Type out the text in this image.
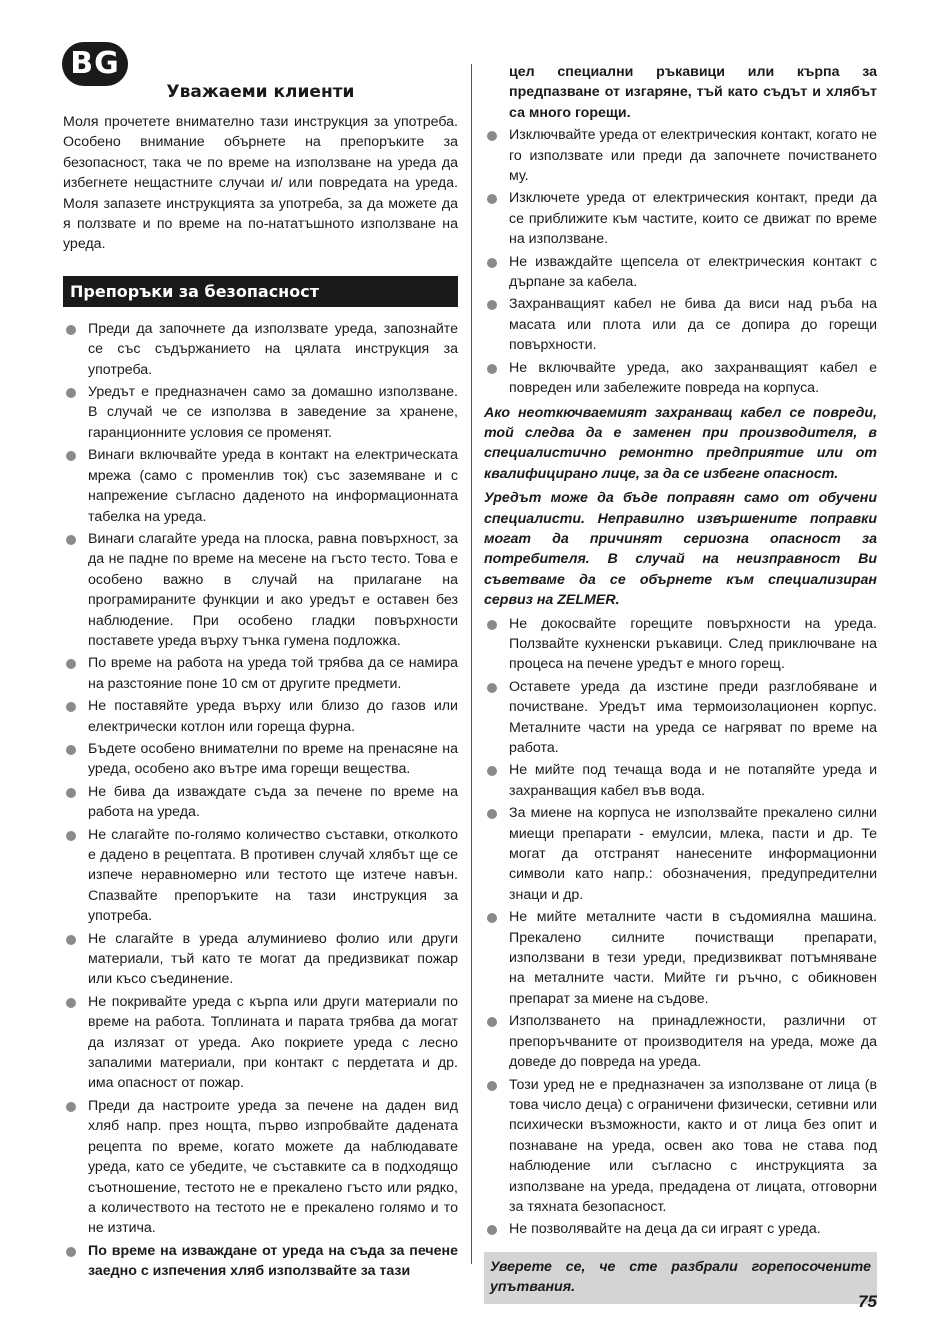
BG
Уважаеми клиенти

Моля прочетете внимателно тази инструкция за употреба. Особено внимание обърнете на препоръките за безопасност, така че по време на използване на уреда да избегнете нещастните случаи и/ или повредата на уреда. Моля запазете инструкцията за употреба, за да можете да я ползвате и по време на по-нататъшното използване на уреда.

Препоръки за безопасност
Преди да започнете да използвате уреда, запознайте се със съдържанието на цялата инструкция за употреба.
Уредът е предназначен само за домашно използване. В случай че се използва в заведение за хранене, гаранционните условия се променят.
Винаги включвайте уреда в контакт на електрическата мрежа (само с променлив ток) със заземяване и с напрежение съгласно даденото на информационната табелка на уреда.
Винаги слагайте уреда на плоска, равна повърхност, за да не падне по време на месене на гъсто тесто. Това е особено важно в случай на прилагане на програмираните функции и ако уредът е оставен без наблюдение. При особено гладки повърхности поставете уреда върху тънка гумена подложка.
По време на работа на уреда той трябва да се намира на разстояние поне 10 см от другите предмети.
Не поставяйте уреда върху или близо до газов или електрически котлон или гореща фурна.
Бъдете особено внимателни по време на пренасяне на уреда, особено ако вътре има горещи вещества.
Не бива да изваждате съда за печене по време на работа на уреда.
Не слагайте по-голямо количество съставки, отколкото е дадено в рецептата. В противен случай хлябът ще се изпече неравномерно или тестото ще изтече навън. Спазвайте препоръките на тази инструкция за употреба.
Не слагайте в уреда алуминиево фолио или други материали, тъй като те могат да предизвикат пожар или късо съединение.
Не покривайте уреда с кърпа или други материали по време на работа. Топлината и парата трябва да могат да излязат от уреда. Ако покриете уреда с лесно запалими материали, при контакт с пердетата и др. има опасност от пожар.
Преди да настроите уреда за печене на даден вид хляб напр. през нощта, първо изпробвайте дадената рецепта по време, когато можете да наблюдавате уреда, като се убедите, че съставките са в подходящо съотношение, тестото не е прекалено гъсто или рядко, а количеството на тестото не е прекалено голямо и то не изтича.
По време на изваждане от уреда на съда за печене заедно с изпечения хляб използвайте за тази
цел специални ръкавици или кърпа за предпазване от изгаряне, тъй като съдът и хлябът са много горещи.
Изключвайте уреда от електрическия контакт, когато не го използвате или преди да започнете почистването му.
Изключете уреда от електрическия контакт, преди да се приближите към частите, които се движат по време на използване.
Не изваждайте щепсела от електрическия контакт с дърпане за кабела.
Захранващият кабел не бива да виси над ръба на масата или плота или да се допира до горещи повърхности.
Не включвайте уреда, ако захранващият кабел е повреден или забележите повреда на корпуса.
Ако неоткючваемият захранващ кабел се повреди, той следва да е заменен при производителя, в специалистично ремонтно предприятие или от квалифицирано лице, за да се избегне опасност.
Уредът може да бъде поправян само от обучени специалисти. Неправилно извършените поправки могат да причинят сериозна опасност за потребителя. В случай на неизправност Ви съветваме да се обърнете към специализиран сервиз на ZELMER.
Не докосвайте горещите повърхности на уреда. Ползвайте кухненски ръкавици. След приключване на процеса на печене уредът е много горещ.
Оставете уреда да изстине преди разглобяване и почистване. Уредът има термоизолационен корпус. Металните части на уреда се нагряват по време на работа.
Не мийте под течаща вода и не потапяйте уреда и захранващия кабел във вода.
За миене на корпуса не използвайте прекалено силни миещи препарати - емулсии, млека, пасти и др. Те могат да отстранят нанесените информационни символи като напр.: обозначения, предупредителни знаци и др.
Не мийте металните части в съдомиялна машина. Прекалено силните почистващи препарати, използвани в тези уреди, предизвикват потъмняване на металните части. Мийте ги ръчно, с обикновен препарат за миене на съдове.
Използването на принадлежности, различни от препоръчваните от производителя на уреда, може да доведе до повреда на уреда.
Този уред не е предназначен за използване от лица (в това число деца) с ограничени физически, сетивни или психически възможности, както и от лица без опит и познаване на уреда, освен ако това не става под наблюдение или съгласно с инструкцията за използване на уреда, предадена от лицата, отговорни за тяхната безопасност.
Не позволявайте на деца да си играят с уреда.
Уверете се, че сте разбрали горепосочените упътвания.
75
